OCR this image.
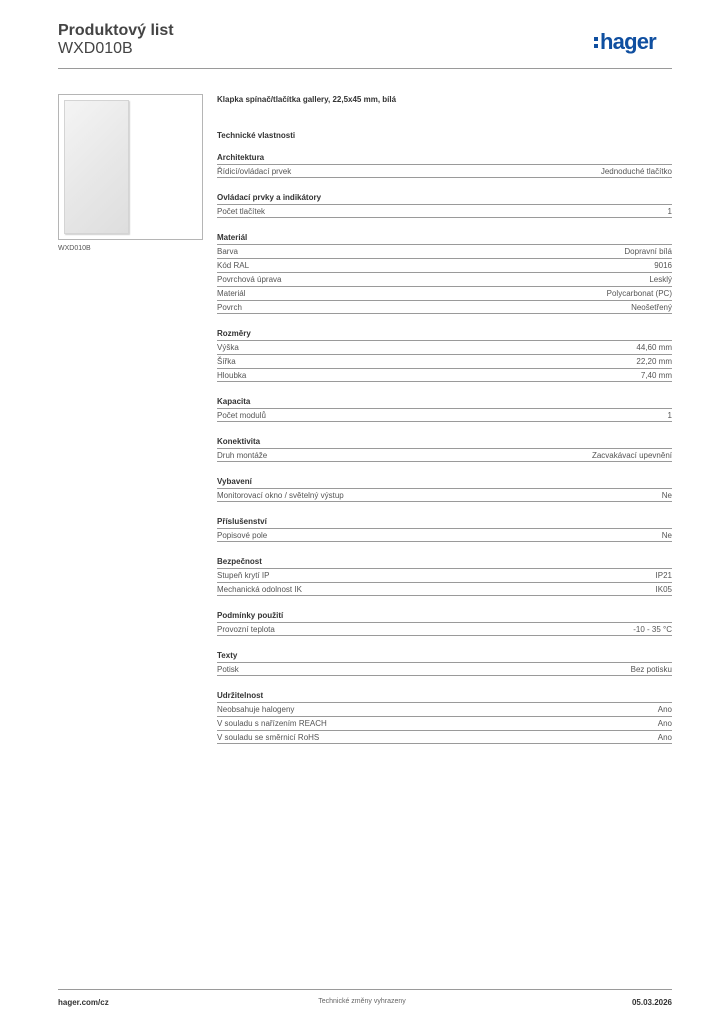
Produktový list
WXD010B	hager
WXD010B
Klapka spínač/tlačítka gallery, 22,5x45 mm, bílá
Technické vlastnosti
Architektura
Řídicí/ovládací prvek	Jednoduché tlačítko
Ovládací prvky a indikátory
Počet tlačítek	1
Materiál
Barva	Dopravní bílá
Kód RAL	9016
Povrchová úprava	Lesklý
Materiál	Polycarbonat (PC)
Povrch	Neošetřený
Rozměry
Výška	44,60 mm
Šířka	22,20 mm
Hloubka	7,40 mm
Kapacita
Počet modulů	1
Konektivita
Druh montáže	Zacvakávací upevnění
Vybavení
Monitorovací okno / světelný výstup	Ne
Příslušenství
Popisové pole	Ne
Bezpečnost
Stupeň krytí IP	IP21
Mechanická odolnost IK	IK05
Podmínky použití
Provozní teplota	-10 - 35 °C
Texty
Potisk	Bez potisku
Udržitelnost
Neobsahuje halogeny	Ano
V souladu s nařízením REACH	Ano
V souladu se směrnicí RoHS	Ano
hager.com/cz	Technické změny vyhrazeny	05.03.2026
